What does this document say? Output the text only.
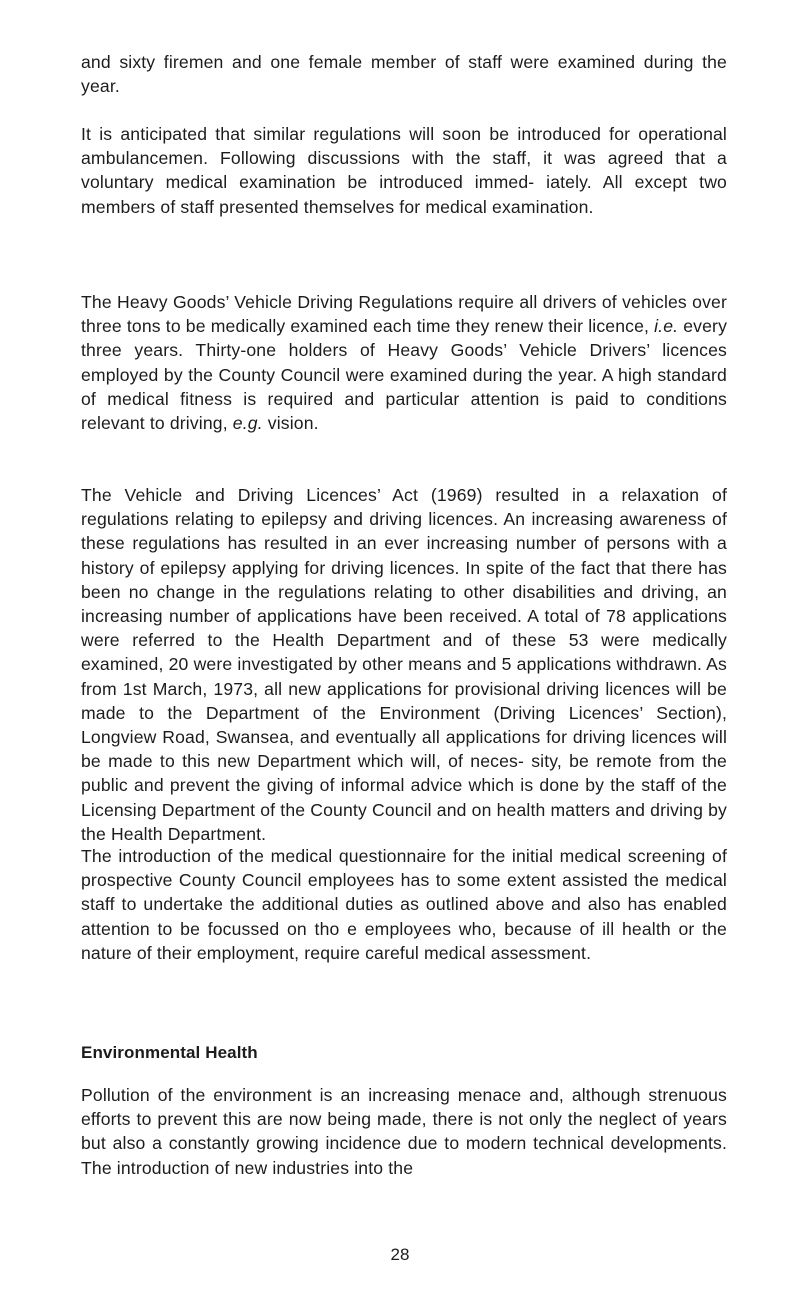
and sixty firemen and one female member of staff were examined during the year.

It is anticipated that similar regulations will soon be introduced for operational ambulancemen. Following discussions with the staff, it was agreed that a voluntary medical examination be introduced immed- iately. All except two members of staff presented themselves for medical examination.

The Heavy Goods’ Vehicle Driving Regulations require all drivers of vehicles over three tons to be medically examined each time they renew their licence, i.e. every three years. Thirty-one holders of Heavy Goods’ Vehicle Drivers’ licences employed by the County Council were examined during the year. A high standard of medical fitness is required and particular attention is paid to conditions relevant to driving, e.g. vision.

The Vehicle and Driving Licences’ Act (1969) resulted in a relaxation of regulations relating to epilepsy and driving licences. An increasing awareness of these regulations has resulted in an ever increasing number of persons with a history of epilepsy applying for driving licences. In spite of the fact that there has been no change in the regulations relating to other disabilities and driving, an increasing number of applications have been received. A total of 78 applications were referred to the Health Department and of these 53 were medically examined, 20 were investigated by other means and 5 applications withdrawn. As from 1st March, 1973, all new applications for provisional driving licences will be made to the Department of the Environment (Driving Licences’ Section), Longview Road, Swansea, and eventually all applications for driving licences will be made to this new Department which will, of neces- sity, be remote from the public and prevent the giving of informal advice which is done by the staff of the Licensing Department of the County Council and on health matters and driving by the Health Department.

The introduction of the medical questionnaire for the initial medical screening of prospective County Council employees has to some extent assisted the medical staff to undertake the additional duties as outlined above and also has enabled attention to be focussed on tho e employees who, because of ill health or the nature of their employment, require careful medical assessment.

Environmental Health

Pollution of the environment is an increasing menace and, although strenuous efforts to prevent this are now being made, there is not only the neglect of years but also a constantly growing incidence due to modern technical developments. The introduction of new industries into the

28
